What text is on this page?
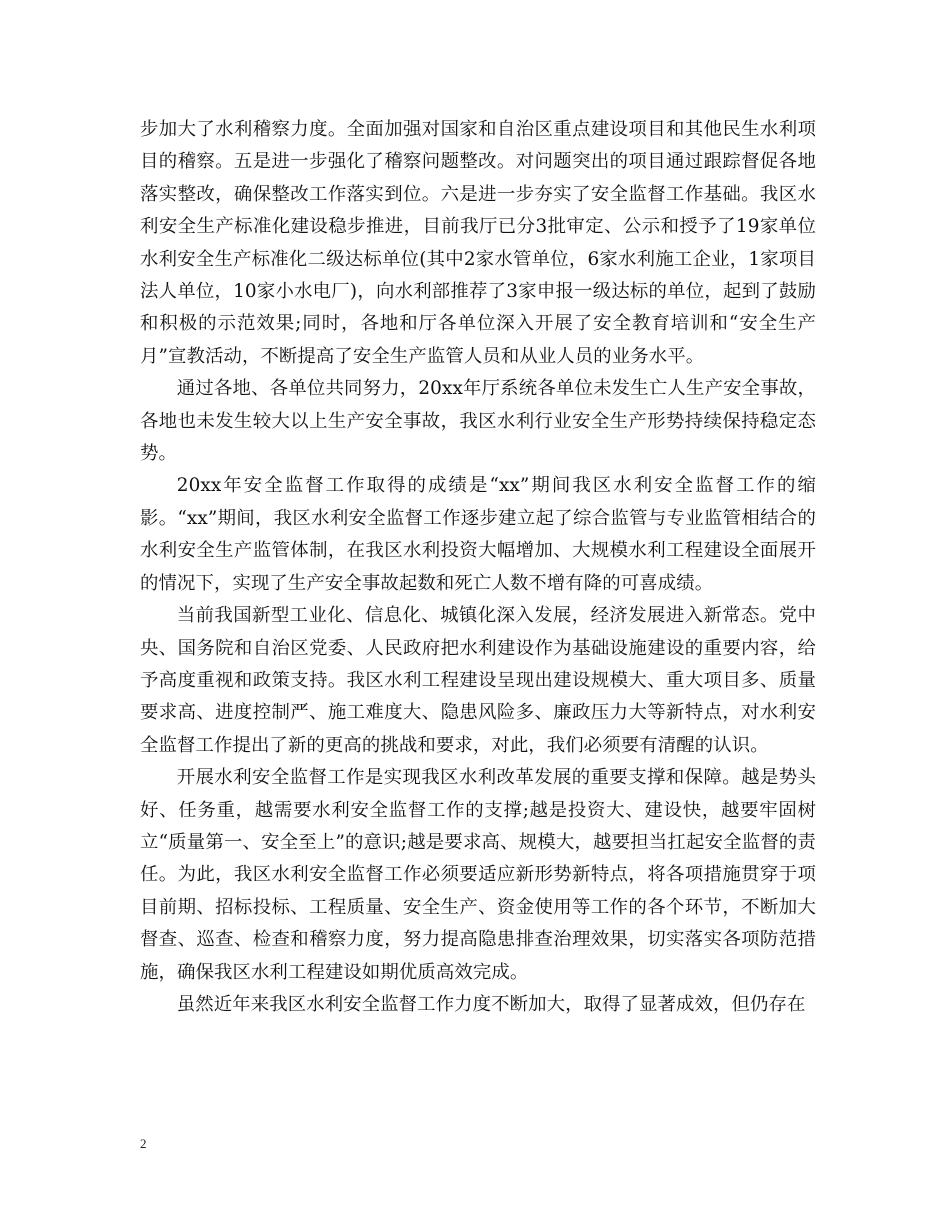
步加大了水利稽察力度。全面加强对国家和自治区重点建设项目和其他民生水利项目的稽察。五是进一步强化了稽察问题整改。对问题突出的项目通过跟踪督促各地落实整改，确保整改工作落实到位。六是进一步夯实了安全监督工作基础。我区水利安全生产标准化建设稳步推进，目前我厅已分3批审定、公示和授予了19家单位水利安全生产标准化二级达标单位(其中2家水管单位，6家水利施工企业，1家项目法人单位，10家小水电厂)，向水利部推荐了3家申报一级达标的单位，起到了鼓励和积极的示范效果;同时，各地和厅各单位深入开展了安全教育培训和“安全生产月”宣教活动，不断提高了安全生产监管人员和从业人员的业务水平。

通过各地、各单位共同努力，20xx年厅系统各单位未发生亡人生产安全事故，各地也未发生较大以上生产安全事故，我区水利行业安全生产形势持续保持稳定态势。

20xx年安全监督工作取得的成绩是“xx”期间我区水利安全监督工作的缩影。“xx”期间，我区水利安全监督工作逐步建立起了综合监管与专业监管相结合的水利安全生产监管体制，在我区水利投资大幅增加、大规模水利工程建设全面展开的情况下，实现了生产安全事故起数和死亡人数不增有降的可喜成绩。

当前我国新型工业化、信息化、城镇化深入发展，经济发展进入新常态。党中央、国务院和自治区党委、人民政府把水利建设作为基础设施建设的重要内容，给予高度重视和政策支持。我区水利工程建设呈现出建设规模大、重大项目多、质量要求高、进度控制严、施工难度大、隐患风险多、廉政压力大等新特点，对水利安全监督工作提出了新的更高的挑战和要求，对此，我们必须要有清醒的认识。

开展水利安全监督工作是实现我区水利改革发展的重要支撑和保障。越是势头好、任务重，越需要水利安全监督工作的支撑;越是投资大、建设快，越要牢固树立“质量第一、安全至上”的意识;越是要求高、规模大，越要担当扛起安全监督的责任。为此，我区水利安全监督工作必须要适应新形势新特点，将各项措施贯穿于项目前期、招标投标、工程质量、安全生产、资金使用等工作的各个环节，不断加大督查、巡查、检查和稽察力度，努力提高隐患排查治理效果，切实落实各项防范措施，确保我区水利工程建设如期优质高效完成。

虽然近年来我区水利安全监督工作力度不断加大，取得了显著成效，但仍存在

2
